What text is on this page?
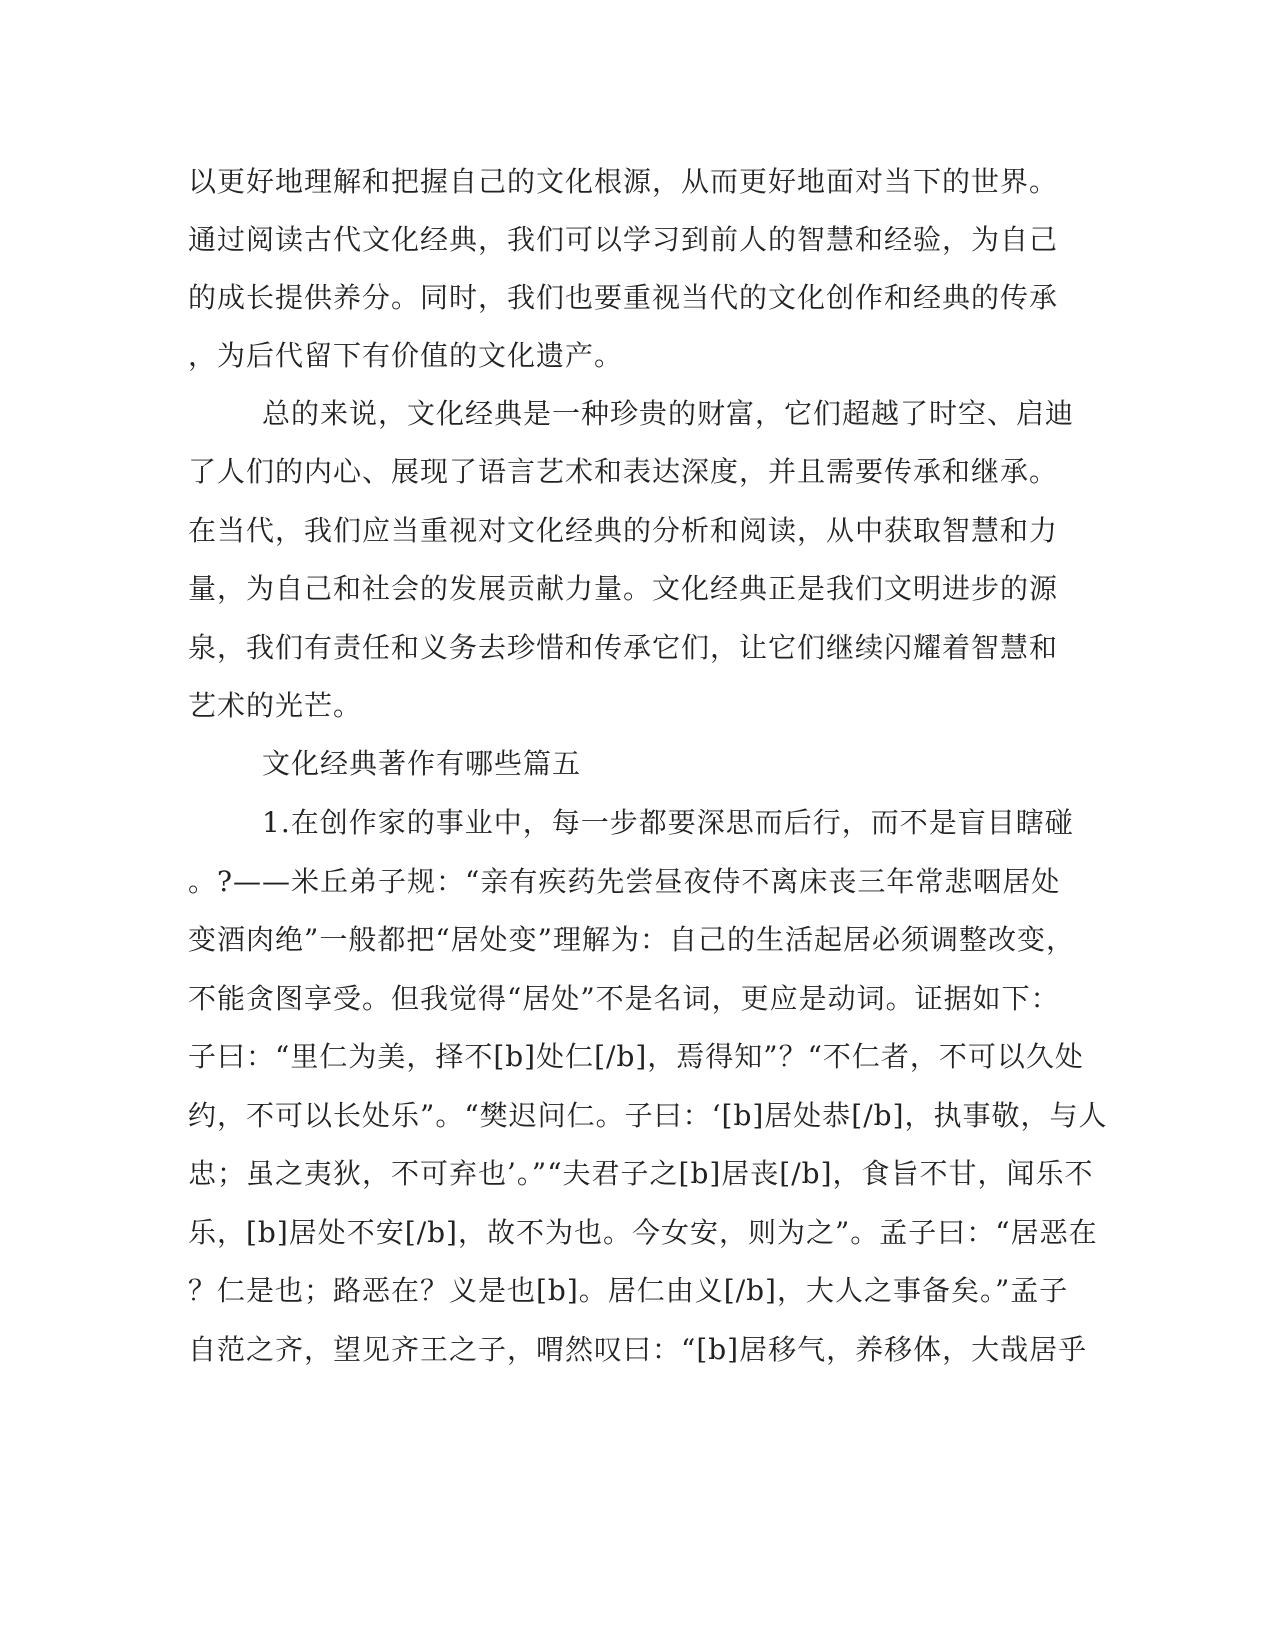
以更好地理解和把握自己的文化根源，从而更好地面对当下的世界。
通过阅读古代文化经典，我们可以学习到前人的智慧和经验，为自己
的成长提供养分。同时，我们也要重视当代的文化创作和经典的传承
，为后代留下有价值的文化遗产。
总的来说，文化经典是一种珍贵的财富，它们超越了时空、启迪
了人们的内心、展现了语言艺术和表达深度，并且需要传承和继承。
在当代，我们应当重视对文化经典的分析和阅读，从中获取智慧和力
量，为自己和社会的发展贡献力量。文化经典正是我们文明进步的源
泉，我们有责任和义务去珍惜和传承它们，让它们继续闪耀着智慧和
艺术的光芒。
文化经典著作有哪些篇五
1.在创作家的事业中，每一步都要深思而后行，而不是盲目瞎碰
。?——米丘弟子规：“亲有疾药先尝昼夜侍不离床丧三年常悲咽居处
变酒肉绝”一般都把“居处变”理解为：自己的生活起居必须调整改变，
不能贪图享受。但我觉得“居处”不是名词，更应是动词。证据如下：
子曰：“里仁为美，择不[b]处仁[/b]，焉得知”？“不仁者，不可以久处
约，不可以长处乐”。“樊迟问仁。子曰：‘[b]居处恭[/b]，执事敬，与人
忠；虽之夷狄，不可弃也’。”“夫君子之[b]居丧[/b]，食旨不甘，闻乐不
乐，[b]居处不安[/b]，故不为也。今女安，则为之”。孟子曰：“居恶在
？仁是也；路恶在？义是也[b]。居仁由义[/b]，大人之事备矣。”孟子
自范之齐，望见齐王之子，喟然叹曰：“[b]居移气，养移体，大哉居乎
